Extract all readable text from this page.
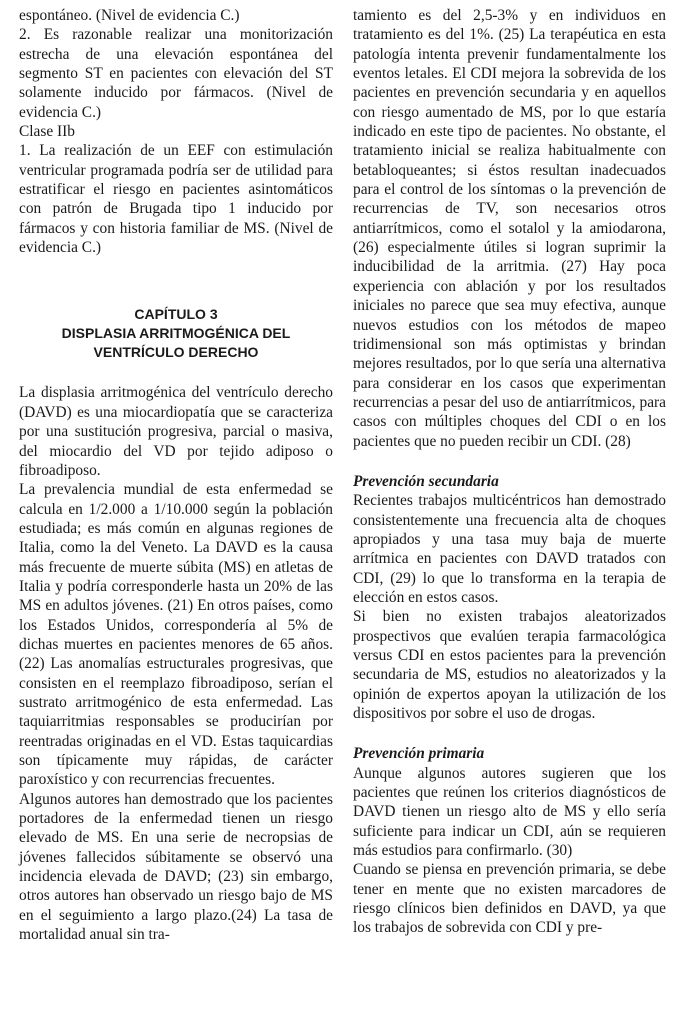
espontáneo. (Nivel de evidencia C.)

2. Es razonable realizar una monitorización estrecha de una elevación espontánea del segmento ST en pacientes con elevación del ST solamente inducido por fármacos. (Nivel de evidencia C.)

Clase IIb

1. La realización de un EEF con estimulación ventricular programada podría ser de utilidad para estratificar el riesgo en pacientes asintomáticos con patrón de Brugada tipo 1 inducido por fármacos y con historia familiar de MS. (Nivel de evidencia C.)

CAPÍTULO 3
DISPLASIA ARRITMOGÉNICA DEL
VENTRÍCULO DERECHO

La displasia arritmogénica del ventrículo derecho (DAVD) es una miocardiopatía que se caracteriza por una sustitución progresiva, parcial o masiva, del miocardio del VD por tejido adiposo o fibroadiposo.

La prevalencia mundial de esta enfermedad se calcula en 1/2.000 a 1/10.000 según la población estudiada; es más común en algunas regiones de Italia, como la del Veneto. La DAVD es la causa más frecuente de muerte súbita (MS) en atletas de Italia y podría corresponderle hasta un 20% de las MS en adultos jóvenes. (21) En otros países, como los Estados Unidos, correspondería al 5% de dichas muertes en pacientes menores de 65 años. (22) Las anomalías estructurales progresivas, que consisten en el reemplazo fibroadiposo, serían el sustrato arritmogénico de esta enfermedad. Las taquiarritmias responsables se producirían por reentradas originadas en el VD. Estas taquicardias son típicamente muy rápidas, de carácter paroxístico y con recurrencias frecuentes.

Algunos autores han demostrado que los pacientes portadores de la enfermedad tienen un riesgo elevado de MS. En una serie de necropsias de jóvenes fallecidos súbitamente se observó una incidencia elevada de DAVD; (23) sin embargo, otros autores han observado un riesgo bajo de MS en el seguimiento a largo plazo.(24) La tasa de mortalidad anual sin tra-

tamiento es del 2,5-3% y en individuos en tratamiento es del 1%. (25) La terapéutica en esta patología intenta prevenir fundamentalmente los eventos letales. El CDI mejora la sobrevida de los pacientes en prevención secundaria y en aquellos con riesgo aumentado de MS, por lo que estaría indicado en este tipo de pacientes. No obstante, el tratamiento inicial se realiza habitualmente con betabloqueantes; si éstos resultan inadecuados para el control de los síntomas o la prevención de recurrencias de TV, son necesarios otros antiarrítmicos, como el sotalol y la amiodarona, (26) especialmente útiles si logran suprimir la inducibilidad de la arritmia. (27) Hay poca experiencia con ablación y por los resultados iniciales no parece que sea muy efectiva, aunque nuevos estudios con los métodos de mapeo tridimensional son más optimistas y brindan mejores resultados, por lo que sería una alternativa para considerar en los casos que experimentan recurrencias a pesar del uso de antiarrítmicos, para casos con múltiples choques del CDI o en los pacientes que no pueden recibir un CDI. (28)

Prevención secundaria

Recientes trabajos multicéntricos han demostrado consistentemente una frecuencia alta de choques apropiados y una tasa muy baja de muerte arrítmica en pacientes con DAVD tratados con CDI, (29) lo que lo transforma en la terapia de elección en estos casos.

Si bien no existen trabajos aleatorizados prospectivos que evalúen terapia farmacológica versus CDI en estos pacientes para la prevención secundaria de MS, estudios no aleatorizados y la opinión de expertos apoyan la utilización de los dispositivos por sobre el uso de drogas.

Prevención primaria

Aunque algunos autores sugieren que los pacientes que reúnen los criterios diagnósticos de DAVD tienen un riesgo alto de MS y ello sería suficiente para indicar un CDI, aún se requieren más estudios para confirmarlo. (30)

Cuando se piensa en prevención primaria, se debe tener en mente que no existen marcadores de riesgo clínicos bien definidos en DAVD, ya que los trabajos de sobrevida con CDI y pre-
